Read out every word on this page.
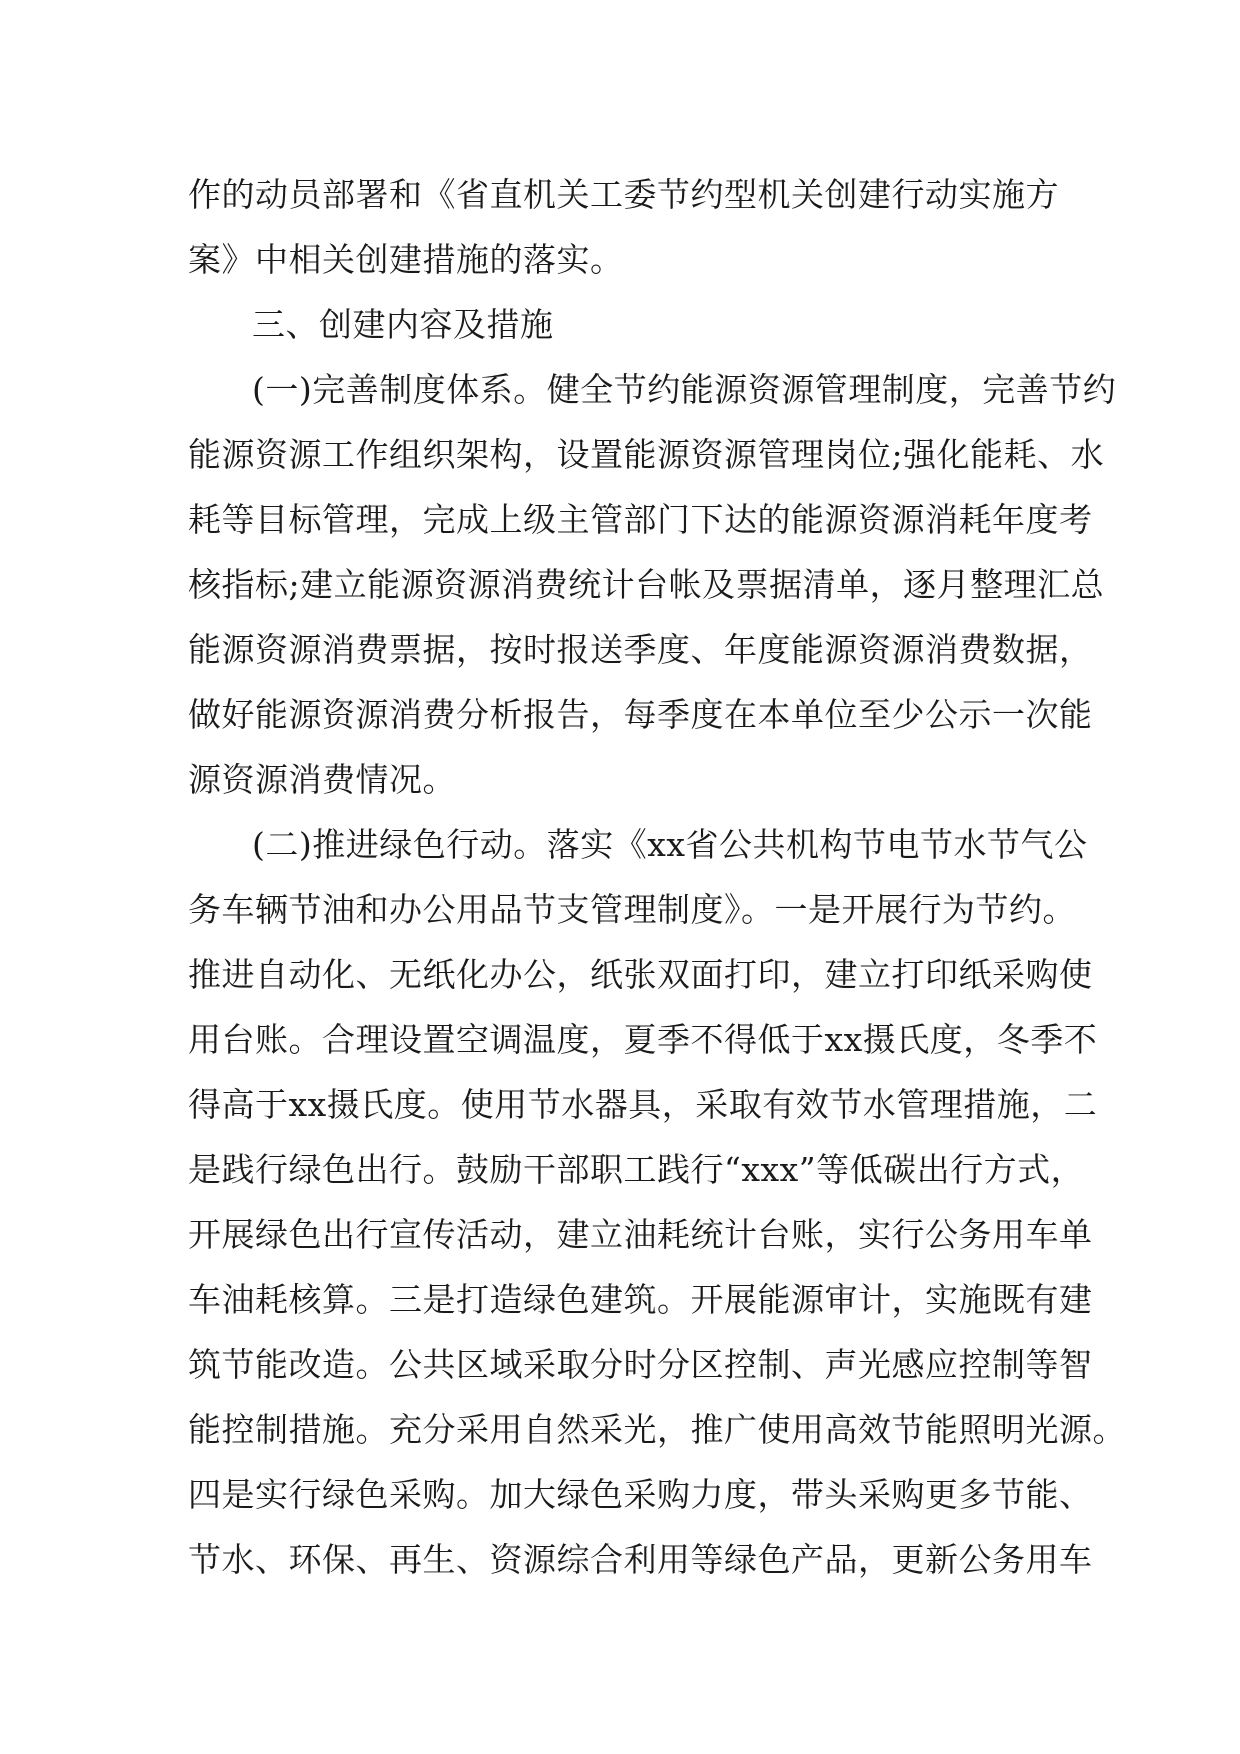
作的动员部署和《省直机关工委节约型机关创建行动实施方
案》中相关创建措施的落实。
三、创建内容及措施
(一)完善制度体系。健全节约能源资源管理制度，完善节约
能源资源工作组织架构，设置能源资源管理岗位;强化能耗、水
耗等目标管理，完成上级主管部门下达的能源资源消耗年度考
核指标;建立能源资源消费统计台帐及票据清单，逐月整理汇总
能源资源消费票据，按时报送季度、年度能源资源消费数据，
做好能源资源消费分析报告，每季度在本单位至少公示一次能
源资源消费情况。
(二)推进绿色行动。落实《xx省公共机构节电节水节气公
务车辆节油和办公用品节支管理制度》。一是开展行为节约。
推进自动化、无纸化办公，纸张双面打印，建立打印纸采购使
用台账。合理设置空调温度，夏季不得低于xx摄氏度，冬季不
得高于xx摄氏度。使用节水器具，采取有效节水管理措施，二
是践行绿色出行。鼓励干部职工践行“xxx”等低碳出行方式，
开展绿色出行宣传活动，建立油耗统计台账，实行公务用车单
车油耗核算。三是打造绿色建筑。开展能源审计，实施既有建
筑节能改造。公共区域采取分时分区控制、声光感应控制等智
能控制措施。充分采用自然采光，推广使用高效节能照明光源。
四是实行绿色采购。加大绿色采购力度，带头采购更多节能、
节水、环保、再生、资源综合利用等绿色产品，更新公务用车
